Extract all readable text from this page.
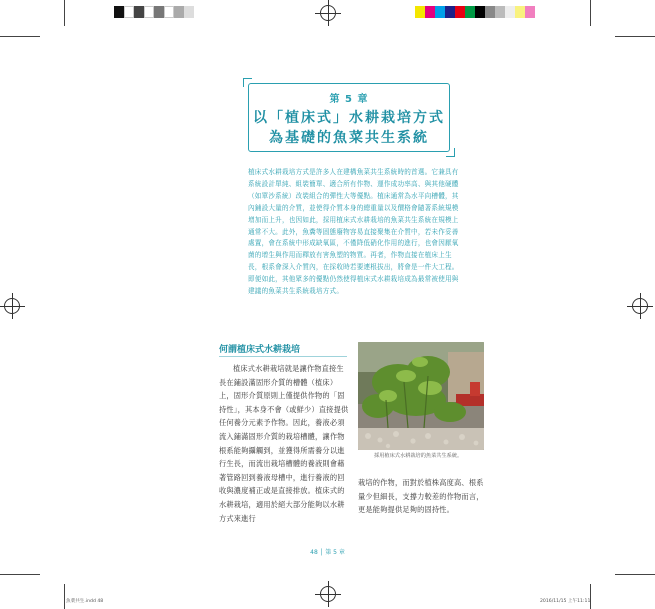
第 5 章
以「植床式」水耕栽培方式
為基礎的魚菜共生系統
植床式水耕栽培方式是許多人在建構魚菜共生系統時的首選。它兼具有系統設計單純、組裝簡單、適合所有作物、運作成功率高、與其他硬體（如單沙系統）改裝組合的彈性大等優點。植床通常為水平向槽體，其內鋪設大量的介質，並使得介質本身的總重量以及價格會隨著系統規模增加而上升，也因如此，採用植床式水耕栽培的魚菜共生系統在規模上通常不大。此外，魚糞等固態廢物容易直接聚集在介質中，若未作妥善處置，會在系統中形成缺氧區，不僅降低硝化作用的進行，也會因厭氧菌的增生與作用而釋放有害魚塑的物質。再者，作物直接在植床上生長，根系會深入介質內，在採收時若要連根拔出，將會是一件大工程。即便如此，其他眾多的優點仍然使得植床式水耕栽培成為最常被使用與建議的魚菜共生系統栽培方式。
何謂植床式水耕栽培
植床式水耕栽培就是讓作物直接生長在鋪設滿固形介質的槽體（植床）上，固形介質原則上僅提供作物的「固持性」，其本身不會（或鮮少）直接提供任何養分元素予作物。因此，養液必須流入鋪滿固形介質的栽培槽體，讓作物根系能夠攝觸到，並獲得所需養分以進行生長，而流出栽培槽體的養液則會藉著管路回到養液母槽中，進行養液的回收與濃度補正或是直接排放。植床式的水耕栽培，適用於絕大部分能夠以水耕方式來進行
栽培的作物，而對於植株高度高、根系量少但細長，支撐力較差的作物而言，更是能夠提供足夠的固持性。
採用植床式水耕栽培的魚菜共生系統。
48 │ 第 5 章
魚菜共生.indd 48	2016/11/15 上午11:11
